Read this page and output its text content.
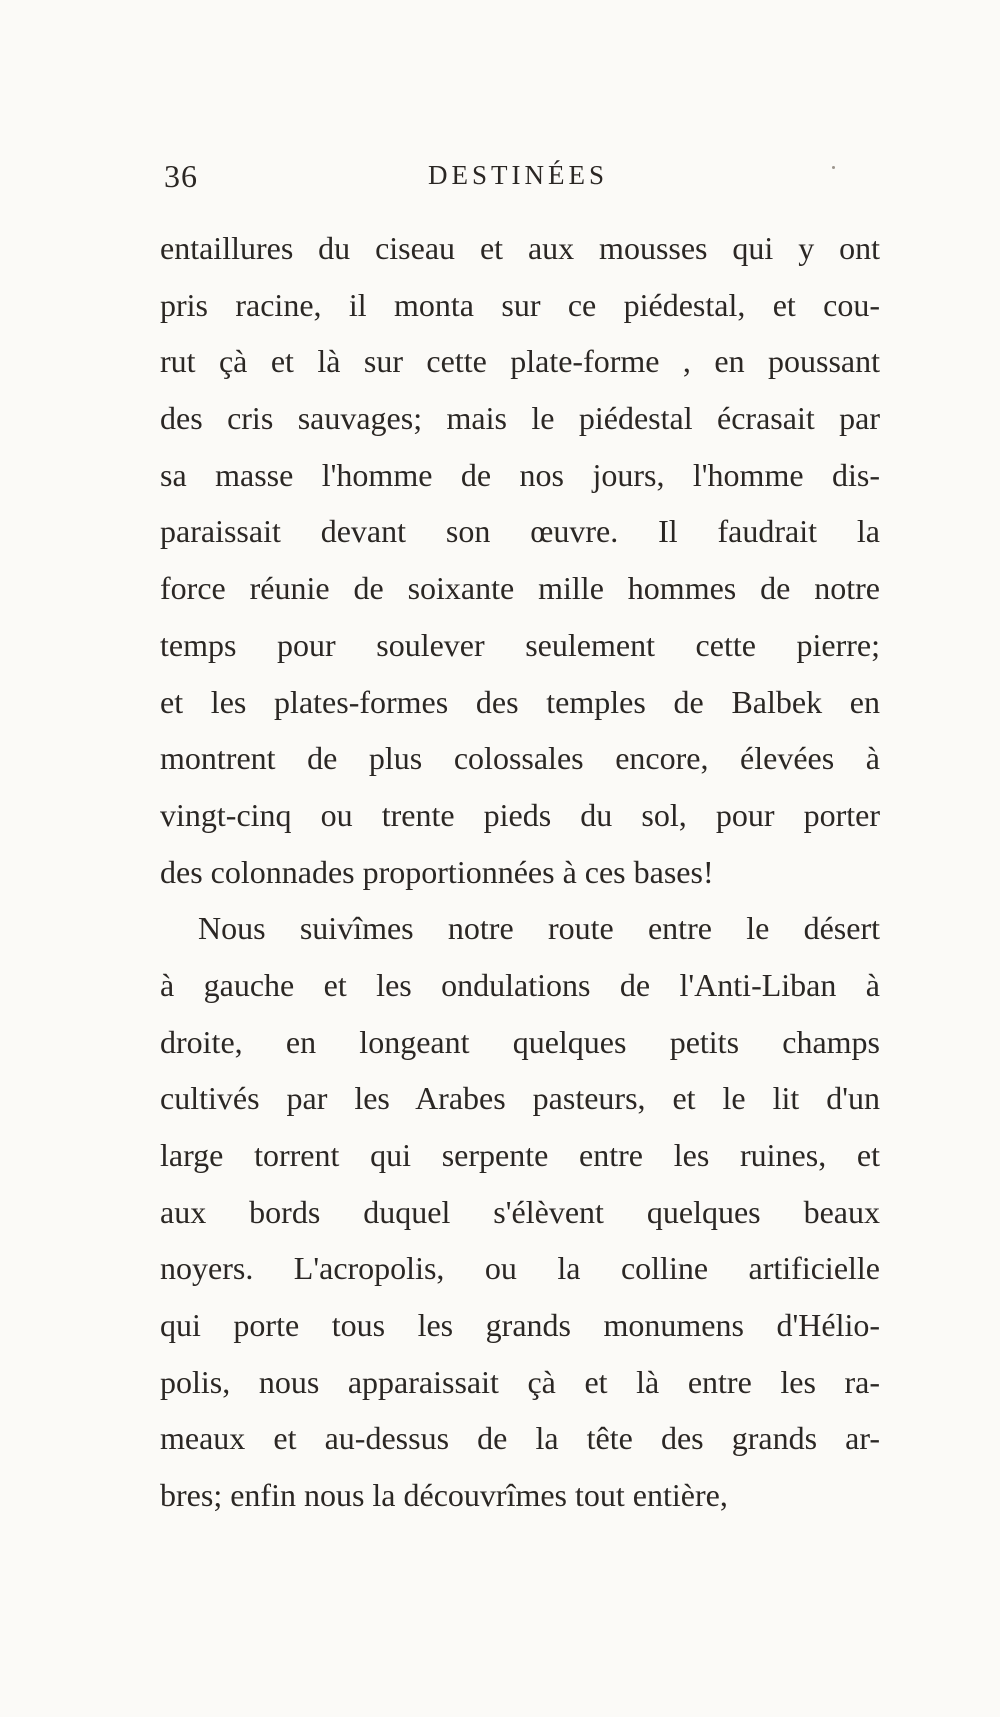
36	DESTINÉES
entaillures du ciseau et aux mousses qui y ont
pris racine, il monta sur ce piédestal, et cou-
rut çà et là sur cette plate-forme , en poussant
des cris sauvages; mais le piédestal écrasait par
sa masse l'homme de nos jours, l'homme dis-
paraissait devant son œuvre. Il faudrait la
force réunie de soixante mille hommes de notre
temps pour soulever seulement cette pierre;
et les plates-formes des temples de Balbek en
montrent de plus colossales encore, élevées à
vingt-cinq ou trente pieds du sol, pour porter
des colonnades proportionnées à ces bases!
Nous suivîmes notre route entre le désert
à gauche et les ondulations de l'Anti-Liban à
droite, en longeant quelques petits champs
cultivés par les Arabes pasteurs, et le lit d'un
large torrent qui serpente entre les ruines, et
aux bords duquel s'élèvent quelques beaux
noyers. L'acropolis, ou la colline artificielle
qui porte tous les grands monumens d'Hélio-
polis, nous apparaissait çà et là entre les ra-
meaux et au-dessus de la tête des grands ar-
bres; enfin nous la découvrîmes tout entière,
